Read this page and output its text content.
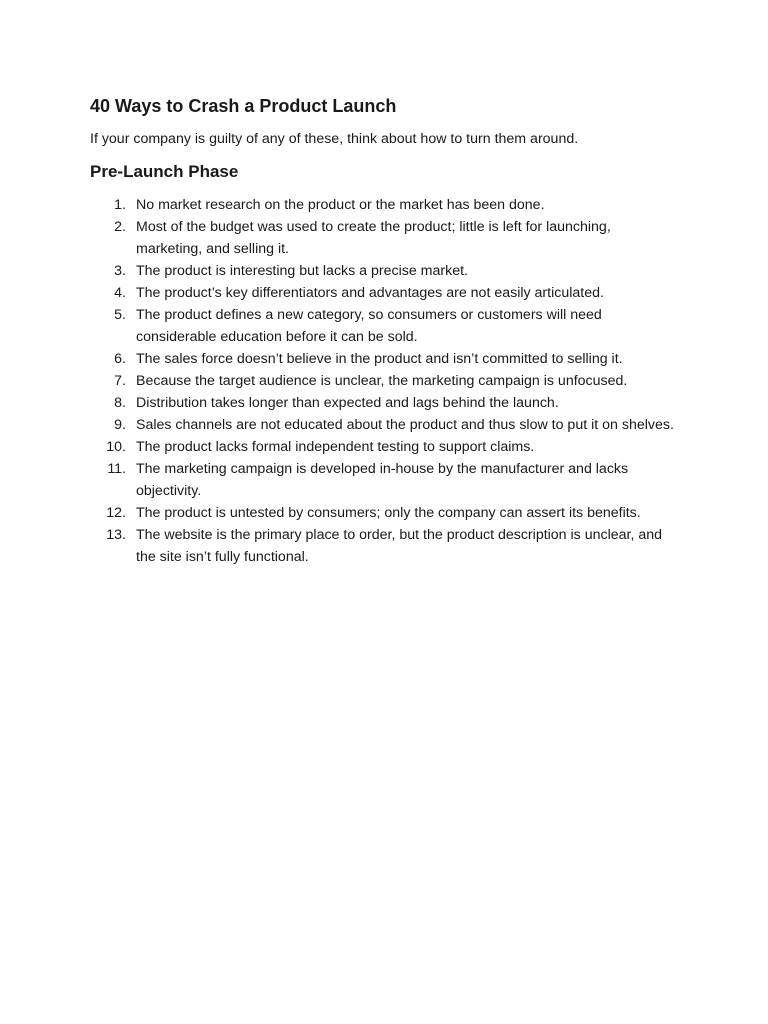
40 Ways to Crash a Product Launch

If your company is guilty of any of these, think about how to turn them around.

Pre-Launch Phase
1. No market research on the product or the market has been done.
2. Most of the budget was used to create the product; little is left for launching, marketing, and selling it.
3. The product is interesting but lacks a precise market.
4. The product’s key differentiators and advantages are not easily articulated.
5. The product defines a new category, so consumers or customers will need considerable education before it can be sold.
6. The sales force doesn’t believe in the product and isn’t committed to selling it.
7. Because the target audience is unclear, the marketing campaign is unfocused.
8. Distribution takes longer than expected and lags behind the launch.
9. Sales channels are not educated about the product and thus slow to put it on shelves.
10. The product lacks formal independent testing to support claims.
11. The marketing campaign is developed in-house by the manufacturer and lacks objectivity.
12. The product is untested by consumers; only the company can assert its benefits.
13. The website is the primary place to order, but the product description is unclear, and the site isn’t fully functional.
